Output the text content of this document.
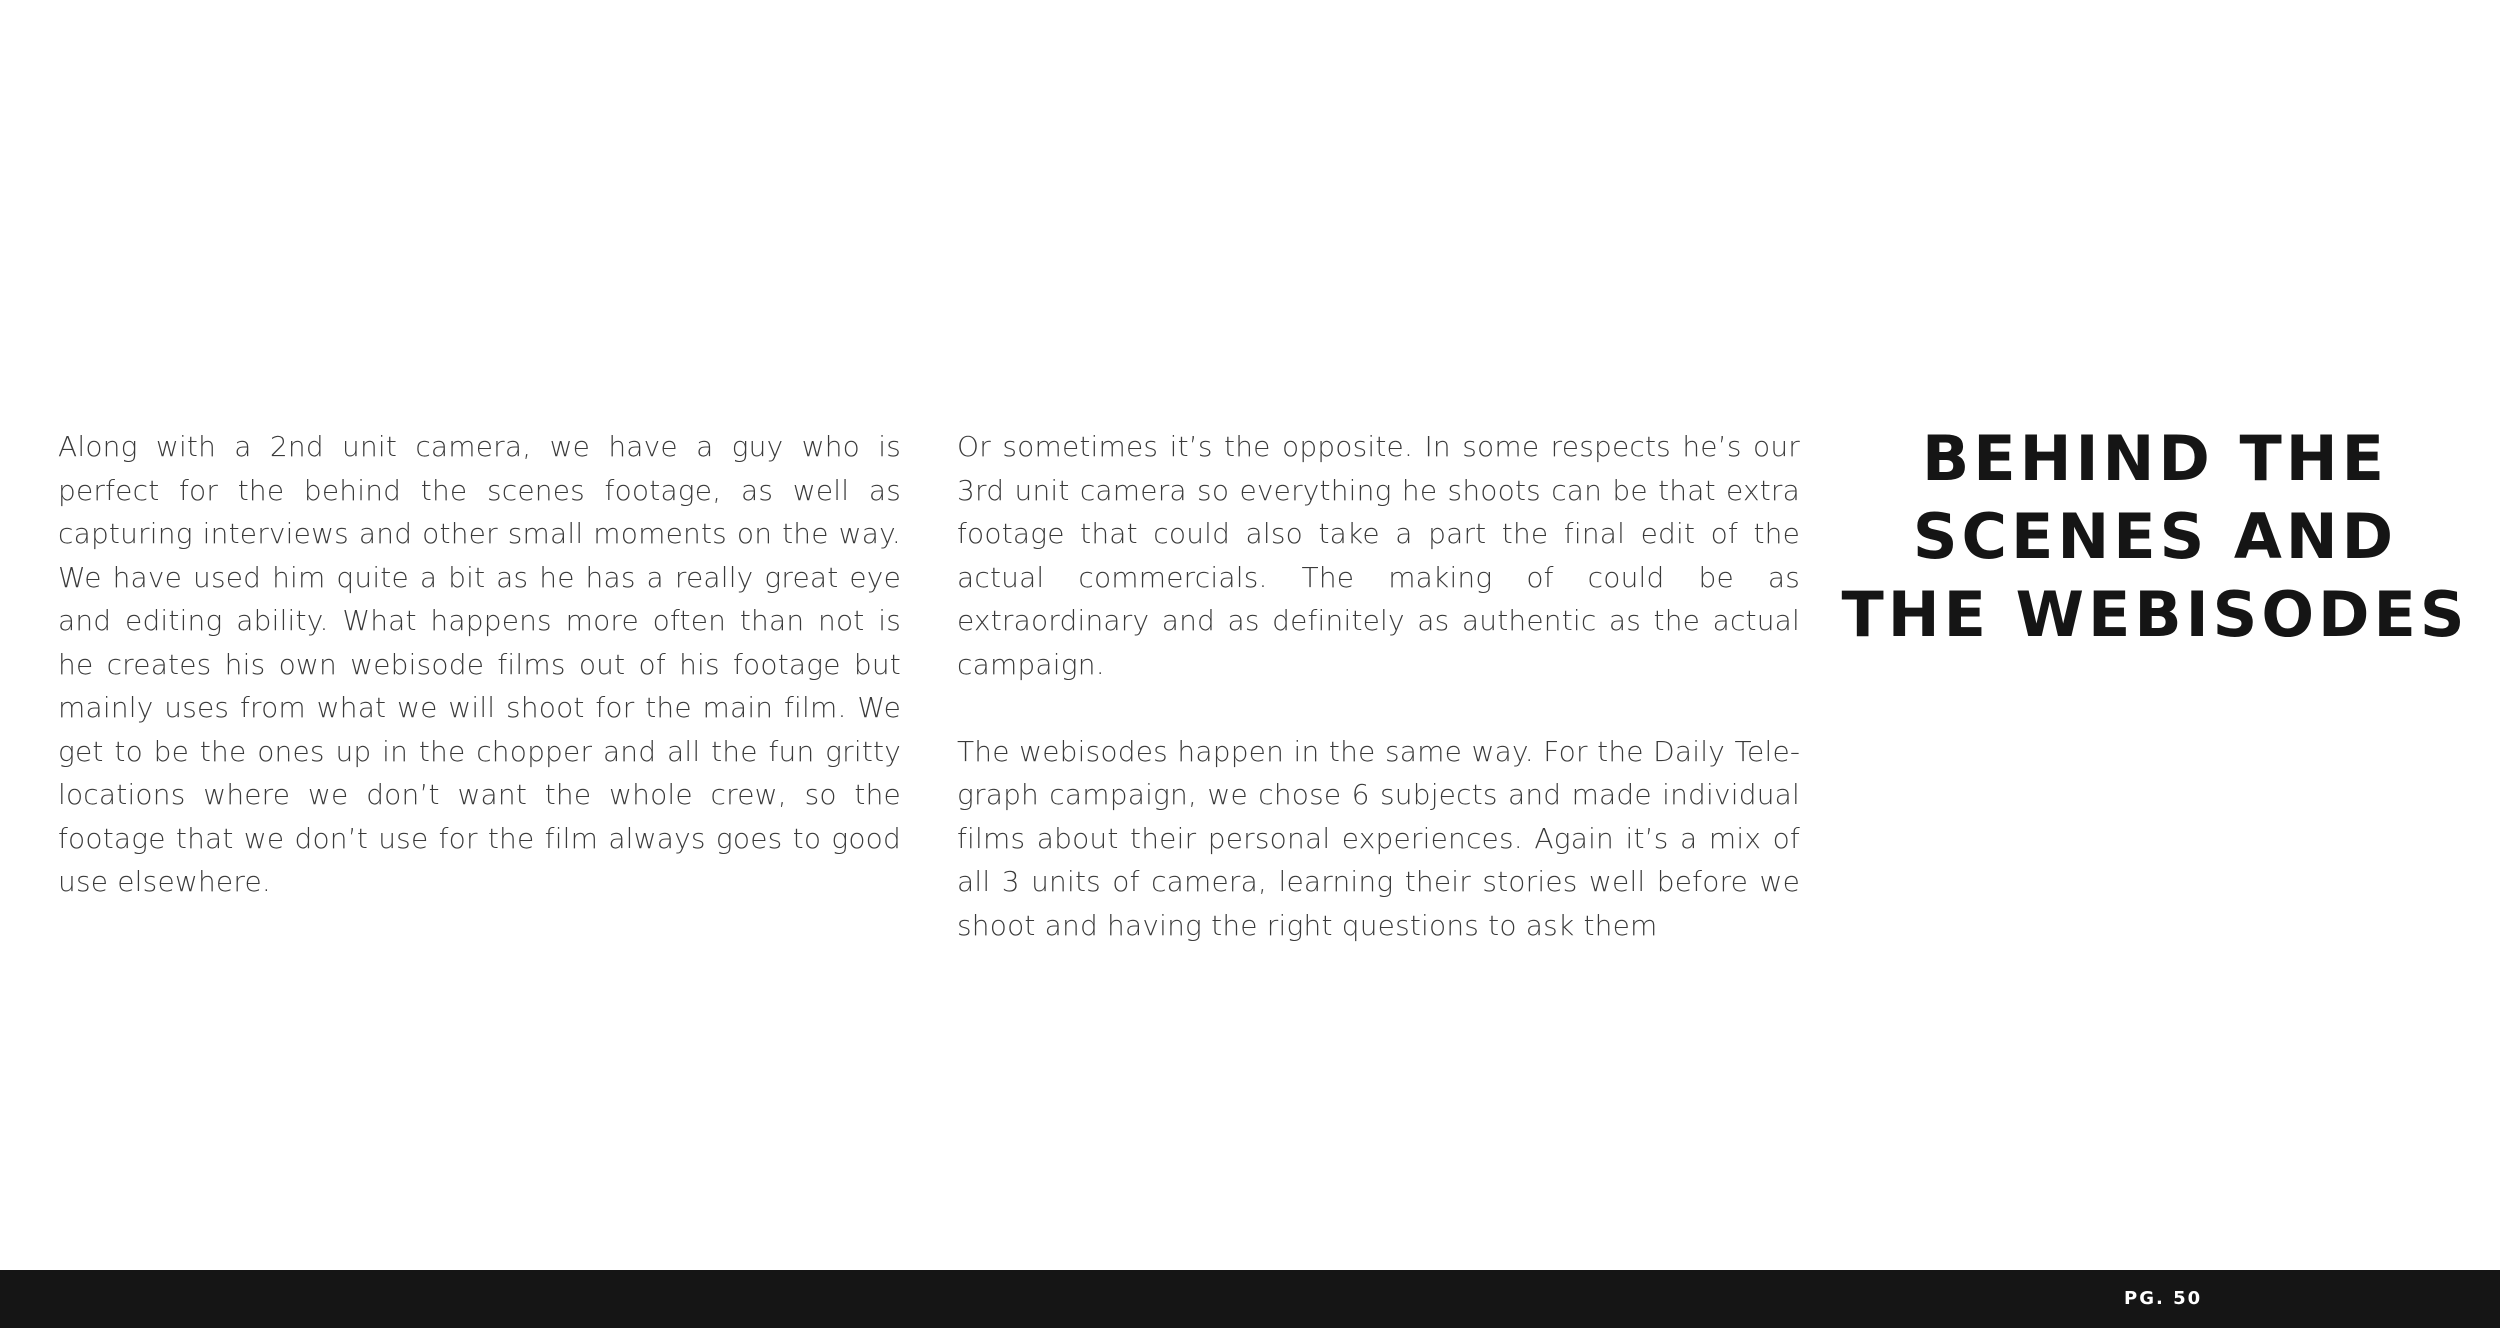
Along with a 2nd unit camera, we have a guy who is perfect for the behind the scenes footage, as well as capturing interviews and other small moments on the way. We have used him quite a bit as he has a really great eye and editing ability. What happens more often than not is he creates his own webisode films out of his footage but mainly uses from what we will shoot for the main film. We get to be the ones up in the chopper and all the fun gritty locations where we don’t want the whole crew, so the footage that we don’t use for the film always goes to good use elsewhere.

Or sometimes it’s the opposite. In some respects he’s our 3rd unit camera so everything he shoots can be that extra footage that could also take a part the final edit of the actual commercials. The making of could be as extraordinary and as definitely as authentic as the actual campaign.

The webisodes happen in the same way. For the Daily Telegraph campaign, we chose 6 subjects and made individual films about their personal experiences. Again it’s a mix of all 3 units of camera, learning their stories well before we shoot and having the right questions to ask them

BEHIND THE SCENES AND THE WEBISODES
PG. 50
